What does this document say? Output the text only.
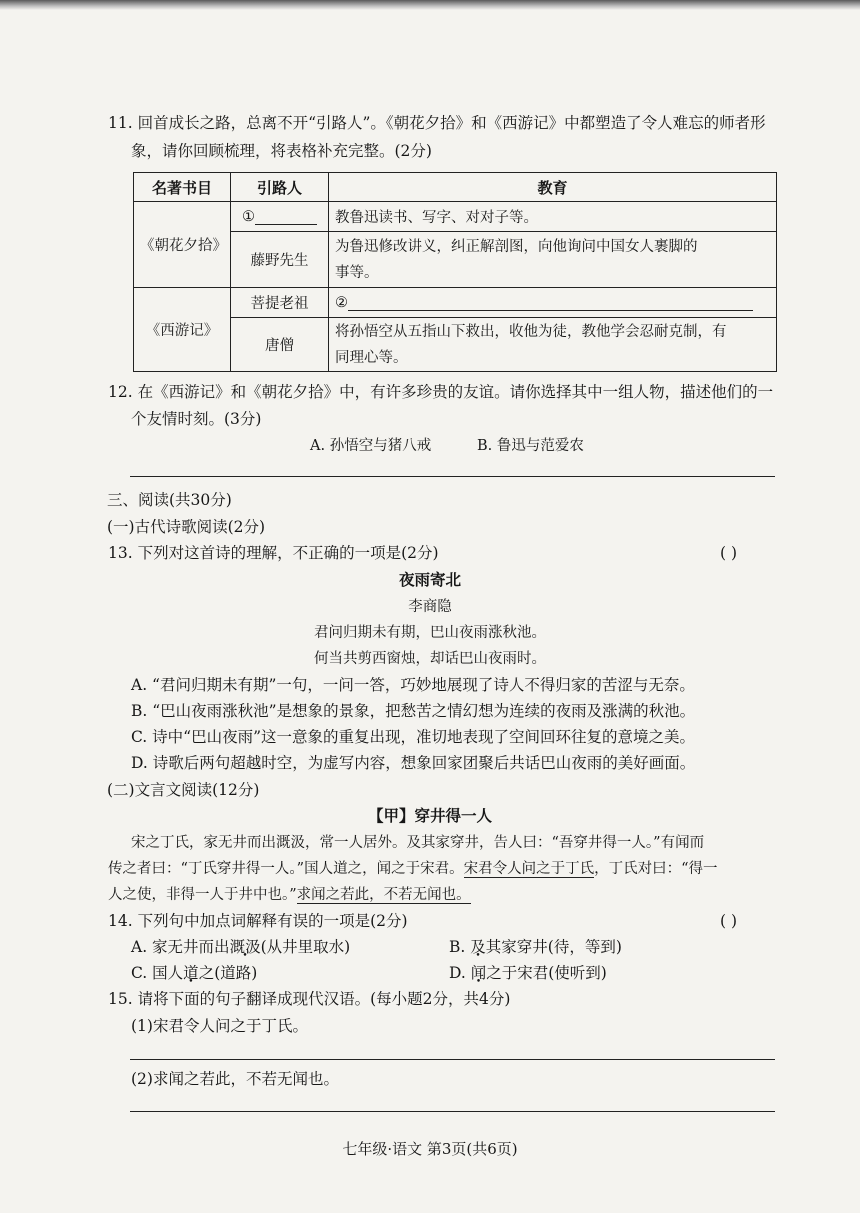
11. 回首成长之路，总离不开“引路人”。《朝花夕拾》和《西游记》中都塑造了令人难忘的师者形
象，请你回顾梳理，将表格补充完整。(2分)
名著书目	引路人	教育
《朝花夕拾》	①	教鲁迅读书、写字、对对子等。
	藤野先生	为鲁迅修改讲义，纠正解剖图，向他询问中国女人裹脚的
事等。

《西游记》	菩提老祖	②
	唐僧	将孙悟空从五指山下救出，收他为徒，教他学会忍耐克制，有
同理心等。
12. 在《西游记》和《朝花夕拾》中，有许多珍贵的友谊。请你选择其中一组人物，描述他们的一
个友情时刻。(3分)
A. 孙悟空与猪八戒	B. 鲁迅与范爱农
三、阅读(共30分)
(一)古代诗歌阅读(2分)
13. 下列对这首诗的理解，不正确的一项是(2分)	( )
夜雨寄北
李商隐
君问归期未有期，巴山夜雨涨秋池。
何当共剪西窗烛，却话巴山夜雨时。
A. “君问归期未有期”一句，一问一答，巧妙地展现了诗人不得归家的苦涩与无奈。
B. “巴山夜雨涨秋池”是想象的景象，把愁苦之情幻想为连续的夜雨及涨满的秋池。
C. 诗中“巴山夜雨”这一意象的重复出现，准切地表现了空间回环往复的意境之美。
D. 诗歌后两句超越时空，为虚写内容，想象回家团聚后共话巴山夜雨的美好画面。
(二)文言文阅读(12分)
【甲】穿井得一人
宋之丁氏，家无井而出溉汲，常一人居外。及其家穿井，告人曰：“吾穿井得一人。”有闻而
传之者曰：“丁氏穿井得一人。”国人道之，闻之于宋君。宋君令人问之于丁氏，丁氏对曰：“得一
人之使，非得一人于井中也。”求闻之若此，不若无闻也。
14. 下列句中加点词解释有误的一项是(2分)	( )
A. 家无井而出溉汲(从井里取水)	B. 及其家穿井(待，等到)
C. 国人道之(道路)	D. 闻之于宋君(使听到)
15. 请将下面的句子翻译成现代汉语。(每小题2分，共4分)
(1)宋君令人问之于丁氏。
(2)求闻之若此，不若无闻也。
七年级·语文 第3页(共6页)
